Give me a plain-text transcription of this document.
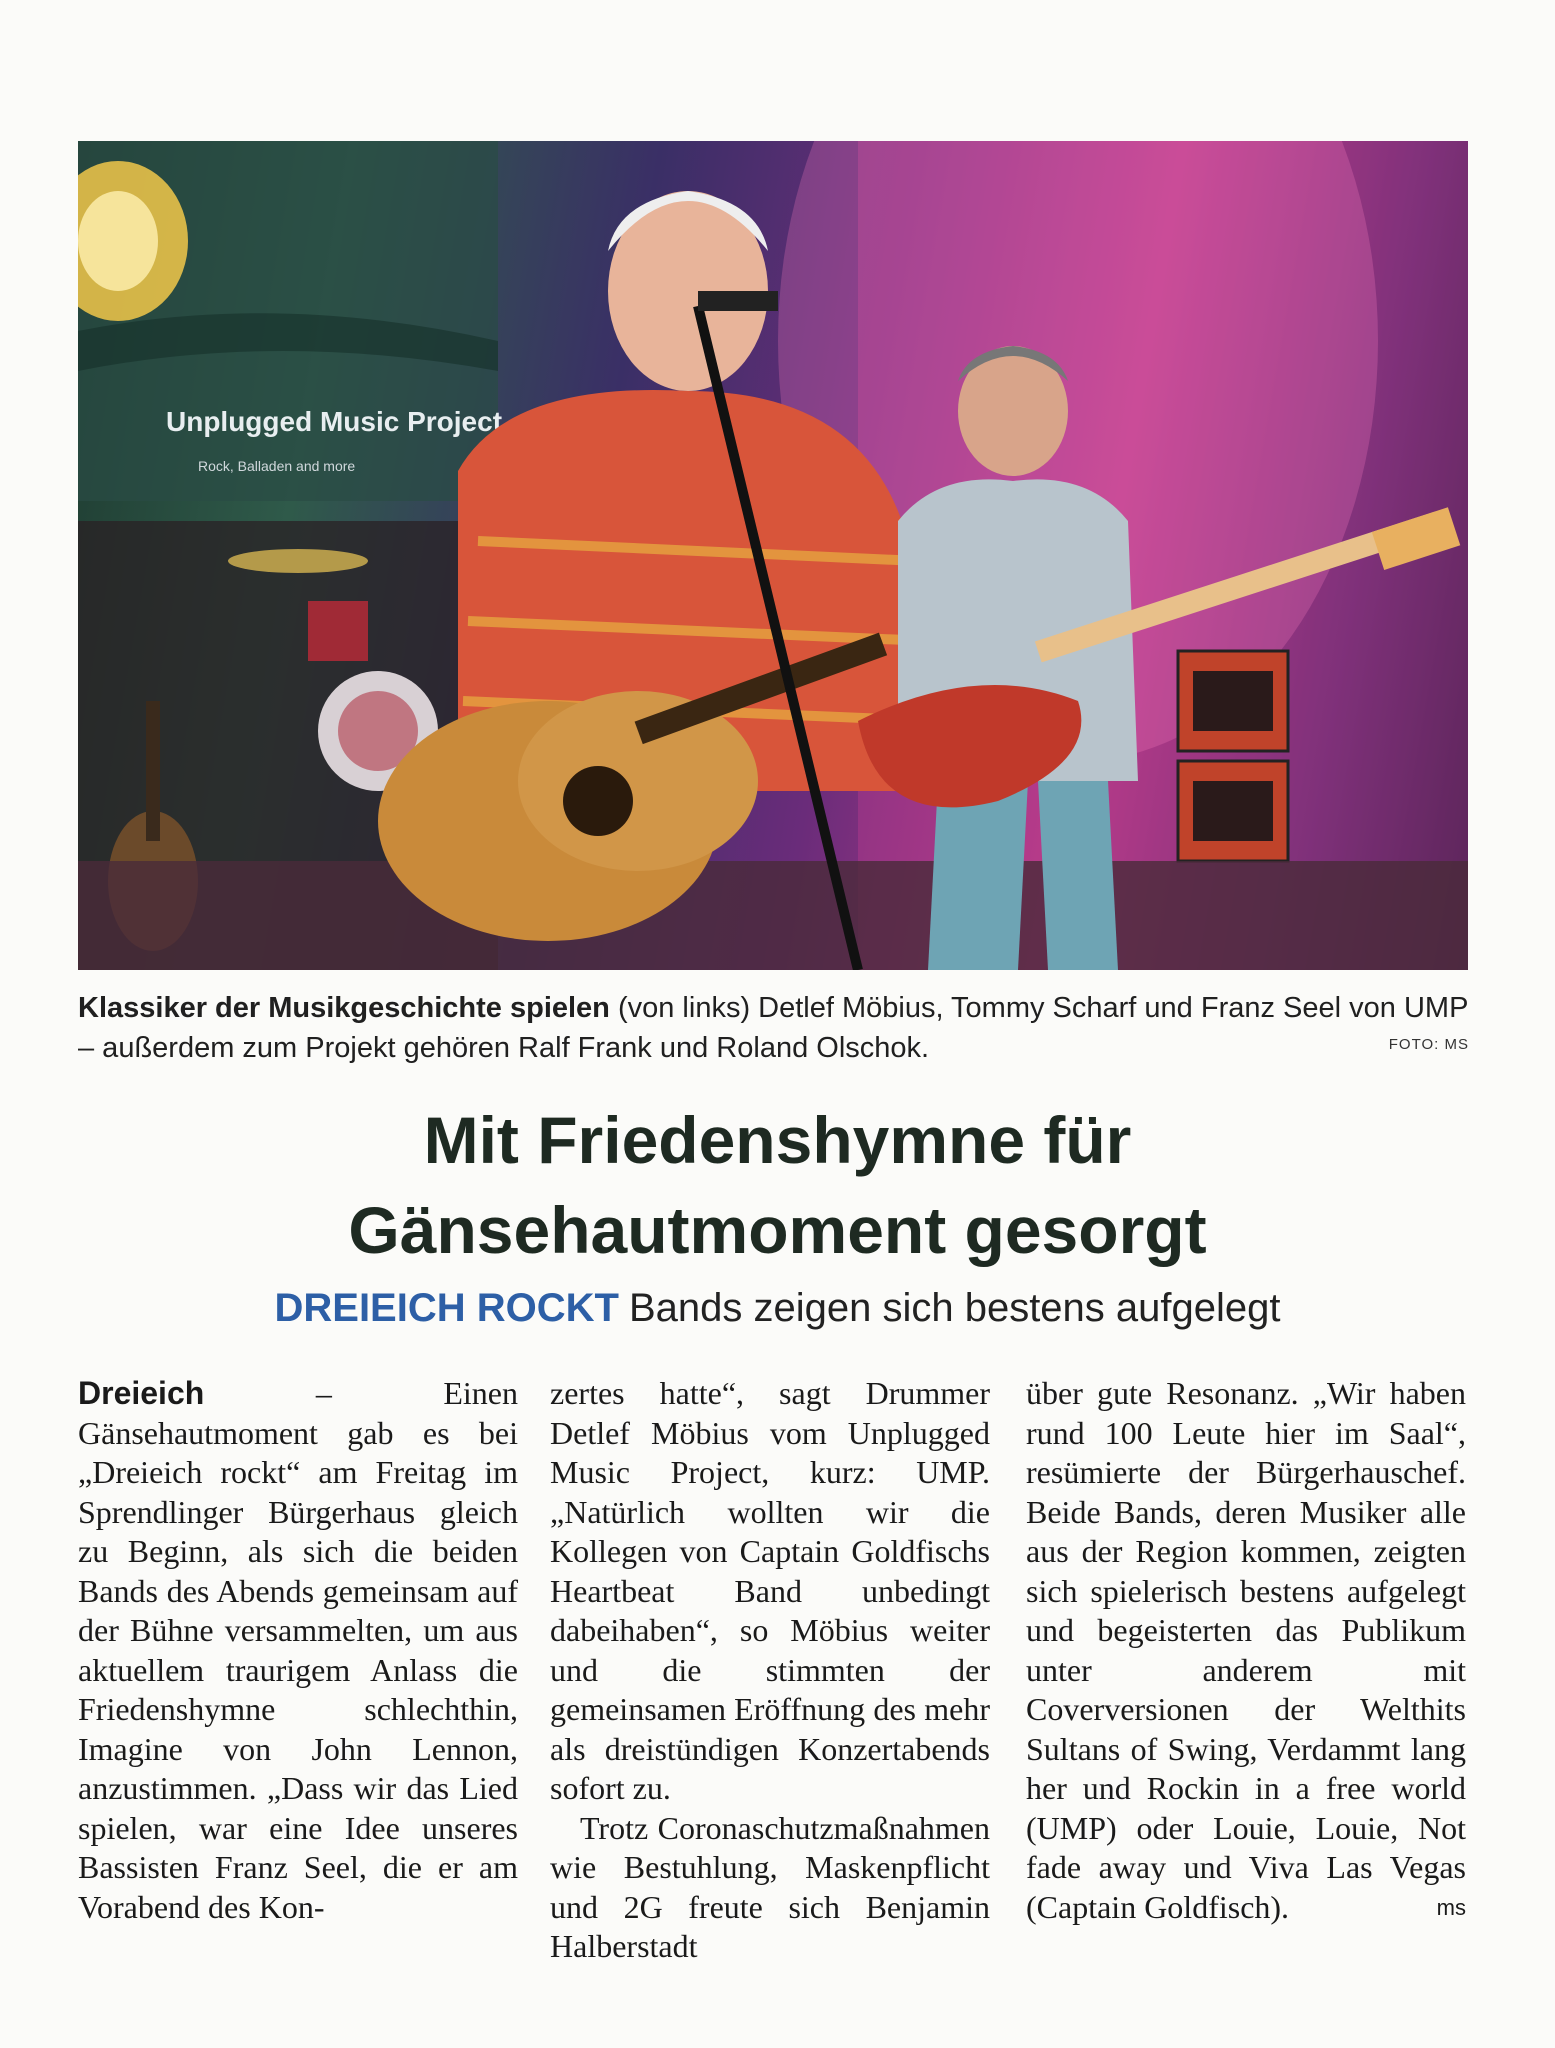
Unplugged Music Project
Rock, Balladen and more
Klassiker der Musikgeschichte spielen (von links) Detlef Möbius, Tommy Scharf und Franz Seel von UMP – außerdem zum Projekt gehören Ralf Frank und Roland Olschok.	FOTO: MS
Mit Friedenshymne für
Gänsehautmoment gesorgt
DREIEICH ROCKT Bands zeigen sich bestens aufgelegt
Dreieich – Einen Gänsehautmoment gab es bei „Dreieich rockt“ am Freitag im Sprendlinger Bürgerhaus gleich zu Beginn, als sich die beiden Bands des Abends gemeinsam auf der Bühne versammelten, um aus aktuellem traurigem Anlass die Friedenshymne schlechthin, Imagine von John Lennon, anzustimmen. „Dass wir das Lied spielen, war eine Idee unseres Bassisten Franz Seel, die er am Vorabend des Kon-
zertes hatte“, sagt Drummer Detlef Möbius vom Unplugged Music Project, kurz: UMP. „Natürlich wollten wir die Kollegen von Captain Goldfischs Heartbeat Band unbedingt dabeihaben“, so Möbius weiter und die stimmten der gemeinsamen Eröffnung des mehr als dreistündigen Konzertabends sofort zu.
Trotz Coronaschutzmaßnahmen wie Bestuhlung, Maskenpflicht und 2G freute sich Benjamin Halberstadt
über gute Resonanz. „Wir haben rund 100 Leute hier im Saal“, resümierte der Bürgerhauschef. Beide Bands, deren Musiker alle aus der Region kommen, zeigten sich spielerisch bestens aufgelegt und begeisterten das Publikum unter anderem mit Coverversionen der Welthits Sultans of Swing, Verdammt lang her und Rockin in a free world (UMP) oder Louie, Louie, Not fade away und Viva Las Vegas (Captain Goldfisch).	ms
